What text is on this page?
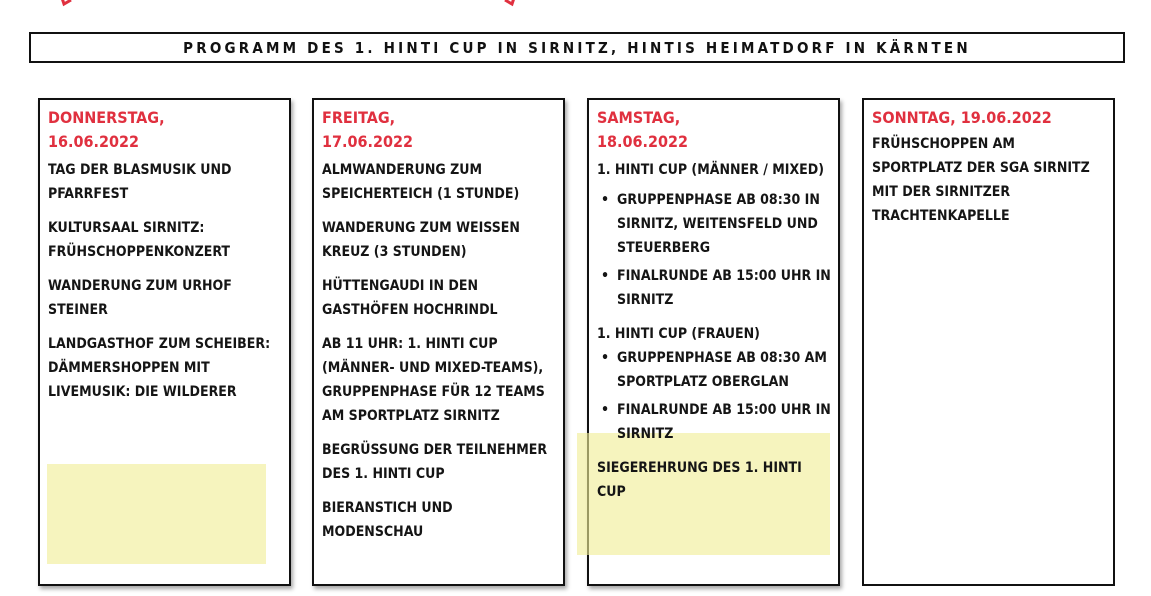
PROGRAMM DES 1. HINTI CUP IN SIRNITZ, HINTIS HEIMATDORF IN KÄRNTEN
DONNERSTAG,
16.06.2022
TAG DER BLASMUSIK UND PFARRFEST
KULTURSAAL SIRNITZ: FRÜHSCHOPPENKONZERT
WANDERUNG ZUM URHOF STEINER
LANDGASTHOF ZUM SCHEIBER: DÄMMERSHOPPEN MIT LIVEMUSIK: DIE WILDERER
FREITAG,
17.06.2022
ALMWANDERUNG ZUM SPEICHERTEICH (1 STUNDE)
WANDERUNG ZUM WEISSEN KREUZ (3 STUNDEN)
HÜTTENGAUDI IN DEN GASTHÖFEN HOCHRINDL
AB 11 UHR: 1. HINTI CUP (MÄNNER- UND MIXED-TEAMS), GRUPPENPHASE FÜR 12 TEAMS AM SPORTPLATZ SIRNITZ
BEGRÜSSUNG DER TEILNEHMER DES 1. HINTI CUP
BIERANSTICH UND MODENSCHAU
SAMSTAG,
18.06.2022
1. HINTI CUP (MÄNNER / MIXED)
• GRUPPENPHASE AB 08:30 IN SIRNITZ, WEITENSFELD UND STEUERBERG
• FINALRUNDE AB 15:00 UHR IN SIRNITZ
1. HINTI CUP (FRAUEN)
• GRUPPENPHASE AB 08:30 AM SPORTPLATZ OBERGLAN
• FINALRUNDE AB 15:00 UHR IN SIRNITZ
SIEGEREHRUNG DES 1. HINTI CUP
SONNTAG, 19.06.2022
FRÜHSCHOPPEN AM SPORTPLATZ DER SGA SIRNITZ MIT DER SIRNITZER TRACHTENKAPELLE
